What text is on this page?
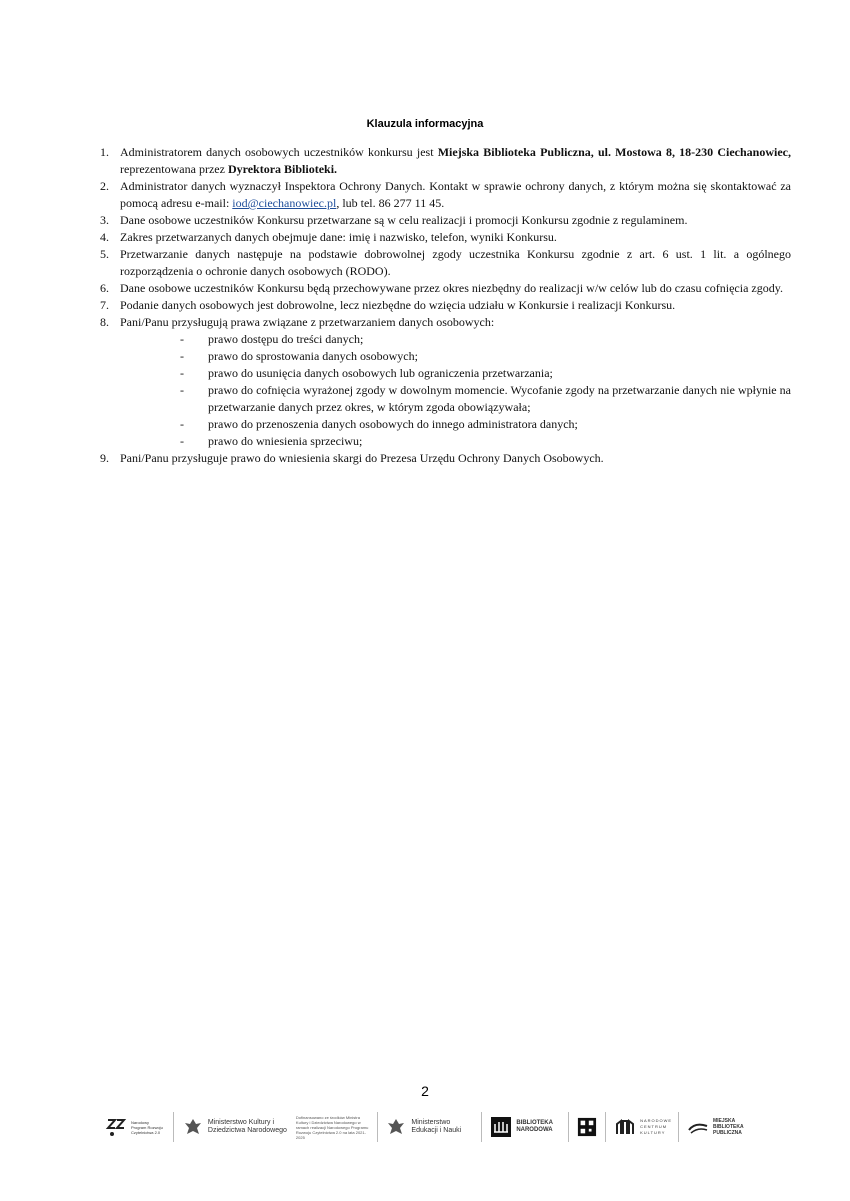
Klauzula informacyjna
1. Administratorem danych osobowych uczestników konkursu jest Miejska Biblioteka Publiczna, ul. Mostowa 8, 18-230 Ciechanowiec, reprezentowana przez Dyrektora Biblioteki.
2. Administrator danych wyznaczył Inspektora Ochrony Danych. Kontakt w sprawie ochrony danych, z którym można się skontaktować za pomocą adresu e-mail: iod@ciechanowiec.pl, lub tel. 86 277 11 45.
3. Dane osobowe uczestników Konkursu przetwarzane są w celu realizacji i promocji Konkursu zgodnie z regulaminem.
4. Zakres przetwarzanych danych obejmuje dane: imię i nazwisko, telefon, wyniki Konkursu.
5. Przetwarzanie danych następuje na podstawie dobrowolnej zgody uczestnika Konkursu zgodnie z art. 6 ust. 1 lit. a ogólnego rozporządzenia o ochronie danych osobowych (RODO).
6. Dane osobowe uczestników Konkursu będą przechowywane przez okres niezbędny do realizacji w/w celów lub do czasu cofnięcia zgody.
7. Podanie danych osobowych jest dobrowolne, lecz niezbędne do wzięcia udziału w Konkursie i realizacji Konkursu.
8. Pani/Panu przysługują prawa związane z przetwarzaniem danych osobowych:
-	prawo dostępu do treści danych;
-	prawo do sprostowania danych osobowych;
-	prawo do usunięcia danych osobowych lub ograniczenia przetwarzania;
-	prawo do cofnięcia wyrażonej zgody w dowolnym momencie. Wycofanie zgody na przetwarzanie danych nie wpłynie na przetwarzanie danych przez okres, w którym zgoda obowiązywała;
-	prawo do przenoszenia danych osobowych do innego administratora danych;
-	prawo do wniesienia sprzeciwu;
9. Pani/Panu przysługuje prawo do wniesienia skargi do Prezesa Urzędu Ochrony Danych Osobowych.
2
Narodowy Program Rozwoju Czytelnictwa 2.0
Ministerstwo Kultury i Dziedzictwa Narodowego
Dofinansowano ze środków Ministra Kultury i Dziedzictwa Narodowego w ramach realizacji Narodowego Programu Rozwoju Czytelnictwa 2.0 na lata 2021-2025
Ministerstwo Edukacji i Nauki
BIBLIOTEKA NARODOWA
NARODOWE CENTRUM KULTURY
MIEJSKA BIBLIOTEKA PUBLICZNA
